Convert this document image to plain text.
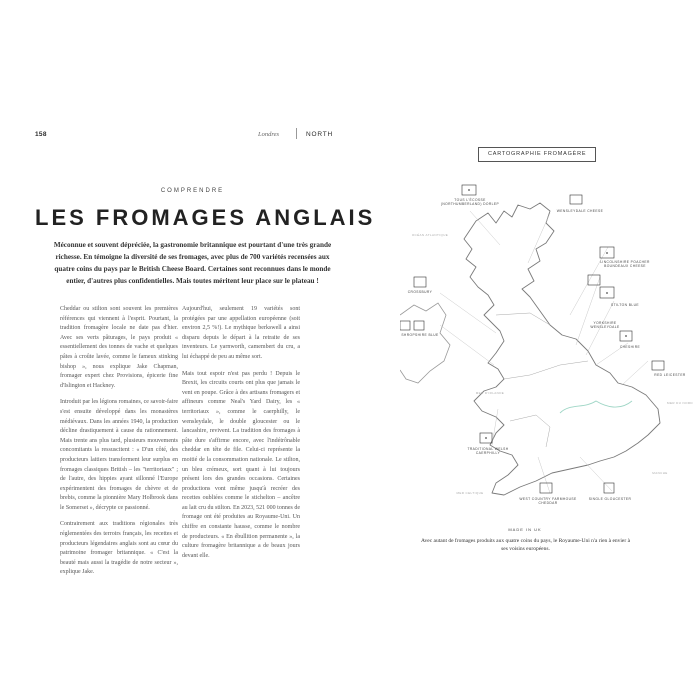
158	Londres	NORTH
COMPRENDRE
LES FROMAGES ANGLAIS

Méconnue et souvent dépréciée, la gastronomie britannique est pourtant d'une très grande richesse. En témoigne la diversité de ses fromages, avec plus de 700 variétés recensées aux quatre coins du pays par le British Cheese Board. Certaines sont reconnues dans le monde entier, d'autres plus confidentielles. Mais toutes méritent leur place sur le plateau !

Cheddar ou stilton sont souvent les premières références qui viennent à l'esprit. Pourtant, la tradition fromagère locale ne date pas d'hier. Avec ses verts pâturages, le pays produit « essentiellement des tonnes de vache et quelques pâtes à croûte lavée, comme le fameux stinking bishop », nous explique Jake Chapman, fromager expert chez Provisions, épicerie fine d'Islington et Hackney.

Introduit par les légions romaines, ce savoir-faire s'est ensuite développé dans les monastères médiévaux. Dans les années 1940, la production décline drastiquement à cause du rationnement. Mais trente ans plus tard, plusieurs mouvements concomitants la ressuscitent : « D'un côté, des producteurs laitiers transforment leur surplus en fromages classiques British – les "territoriaux" ; de l'autre, des hippies ayant sillonné l'Europe expérimentent des fromages de chèvre et de brebis, comme la pionnière Mary Holbrook dans le Somerset », décrypte ce passionné.

Contrairement aux traditions régionales très réglementées des terroirs français, les recettes et producteurs légendaires anglais sont au cœur du patrimoine fromager britannique. « C'est la beauté mais aussi la tragédie de notre secteur », explique Jake.

Aujourd'hui, seulement 19 variétés sont protégées par une appellation européenne (soit environ 2,5 %!). Le mythique berkswell a ainsi disparu depuis le départ à la retraite de ses inventeurs. Le yarnworth, camembert du cru, a lui échappé de peu au même sort.

Mais tout espoir n'est pas perdu ! Depuis le Brexit, les circuits courts ont plus que jamais le vent en poupe. Grâce à des artisans fromagers et affineurs comme Neal's Yard Dairy, les « territoriaux », comme le caerphilly, le wensleydale, le double gloucester ou le lancashire, revivent. La tradition des fromages à pâte dure s'affirme encore, avec l'indétrônable cheddar en tête de file. Celui-ci représente la moitié de la consommation nationale. Le stilton, un bleu crémeux, sort quant à lui toujours présent lors des grandes occasions. Certaines productions vont même jusqu'à recréer des recettes oubliées comme le stichelton – ancêtre au lait cru du stilton. En 2023, 521 000 tonnes de fromage ont été produites au Royaume-Uni. Un chiffre en constante hausse, comme le nombre de producteurs. « En ébullition permanente », la culture fromagère britannique a de beaux jours devant elle.

TOUS L'ÉCOSSE (NORTHUMBERLAND) DORLEP
WENSLEYDALE CHEESE
LINCOLNSHIRE POACHER BOUNDEAUX CHEESE
YORKSHIRE WENSLEYDALE
STILTON BLUE
CROSSBURY
SHROPSHIRE BLUE
CHESHIRE
RED LEICESTER
TRADITIONAL WELSH CAERPHILLY
WEST COUNTRY FARMHOUSE CHEDDAR
SINGLE GLOUCESTER
OCÉAN ATLANTIQUE
MER D'IRLANDE
MER DU NORD
MANCHE
MER CELTIQUE
CARTOGRAPHIE FROMAGÈRE
MADE IN UK

Avec autant de fromages produits aux quatre coins du pays, le Royaume-Uni n'a rien à envier à ses voisins européens.
